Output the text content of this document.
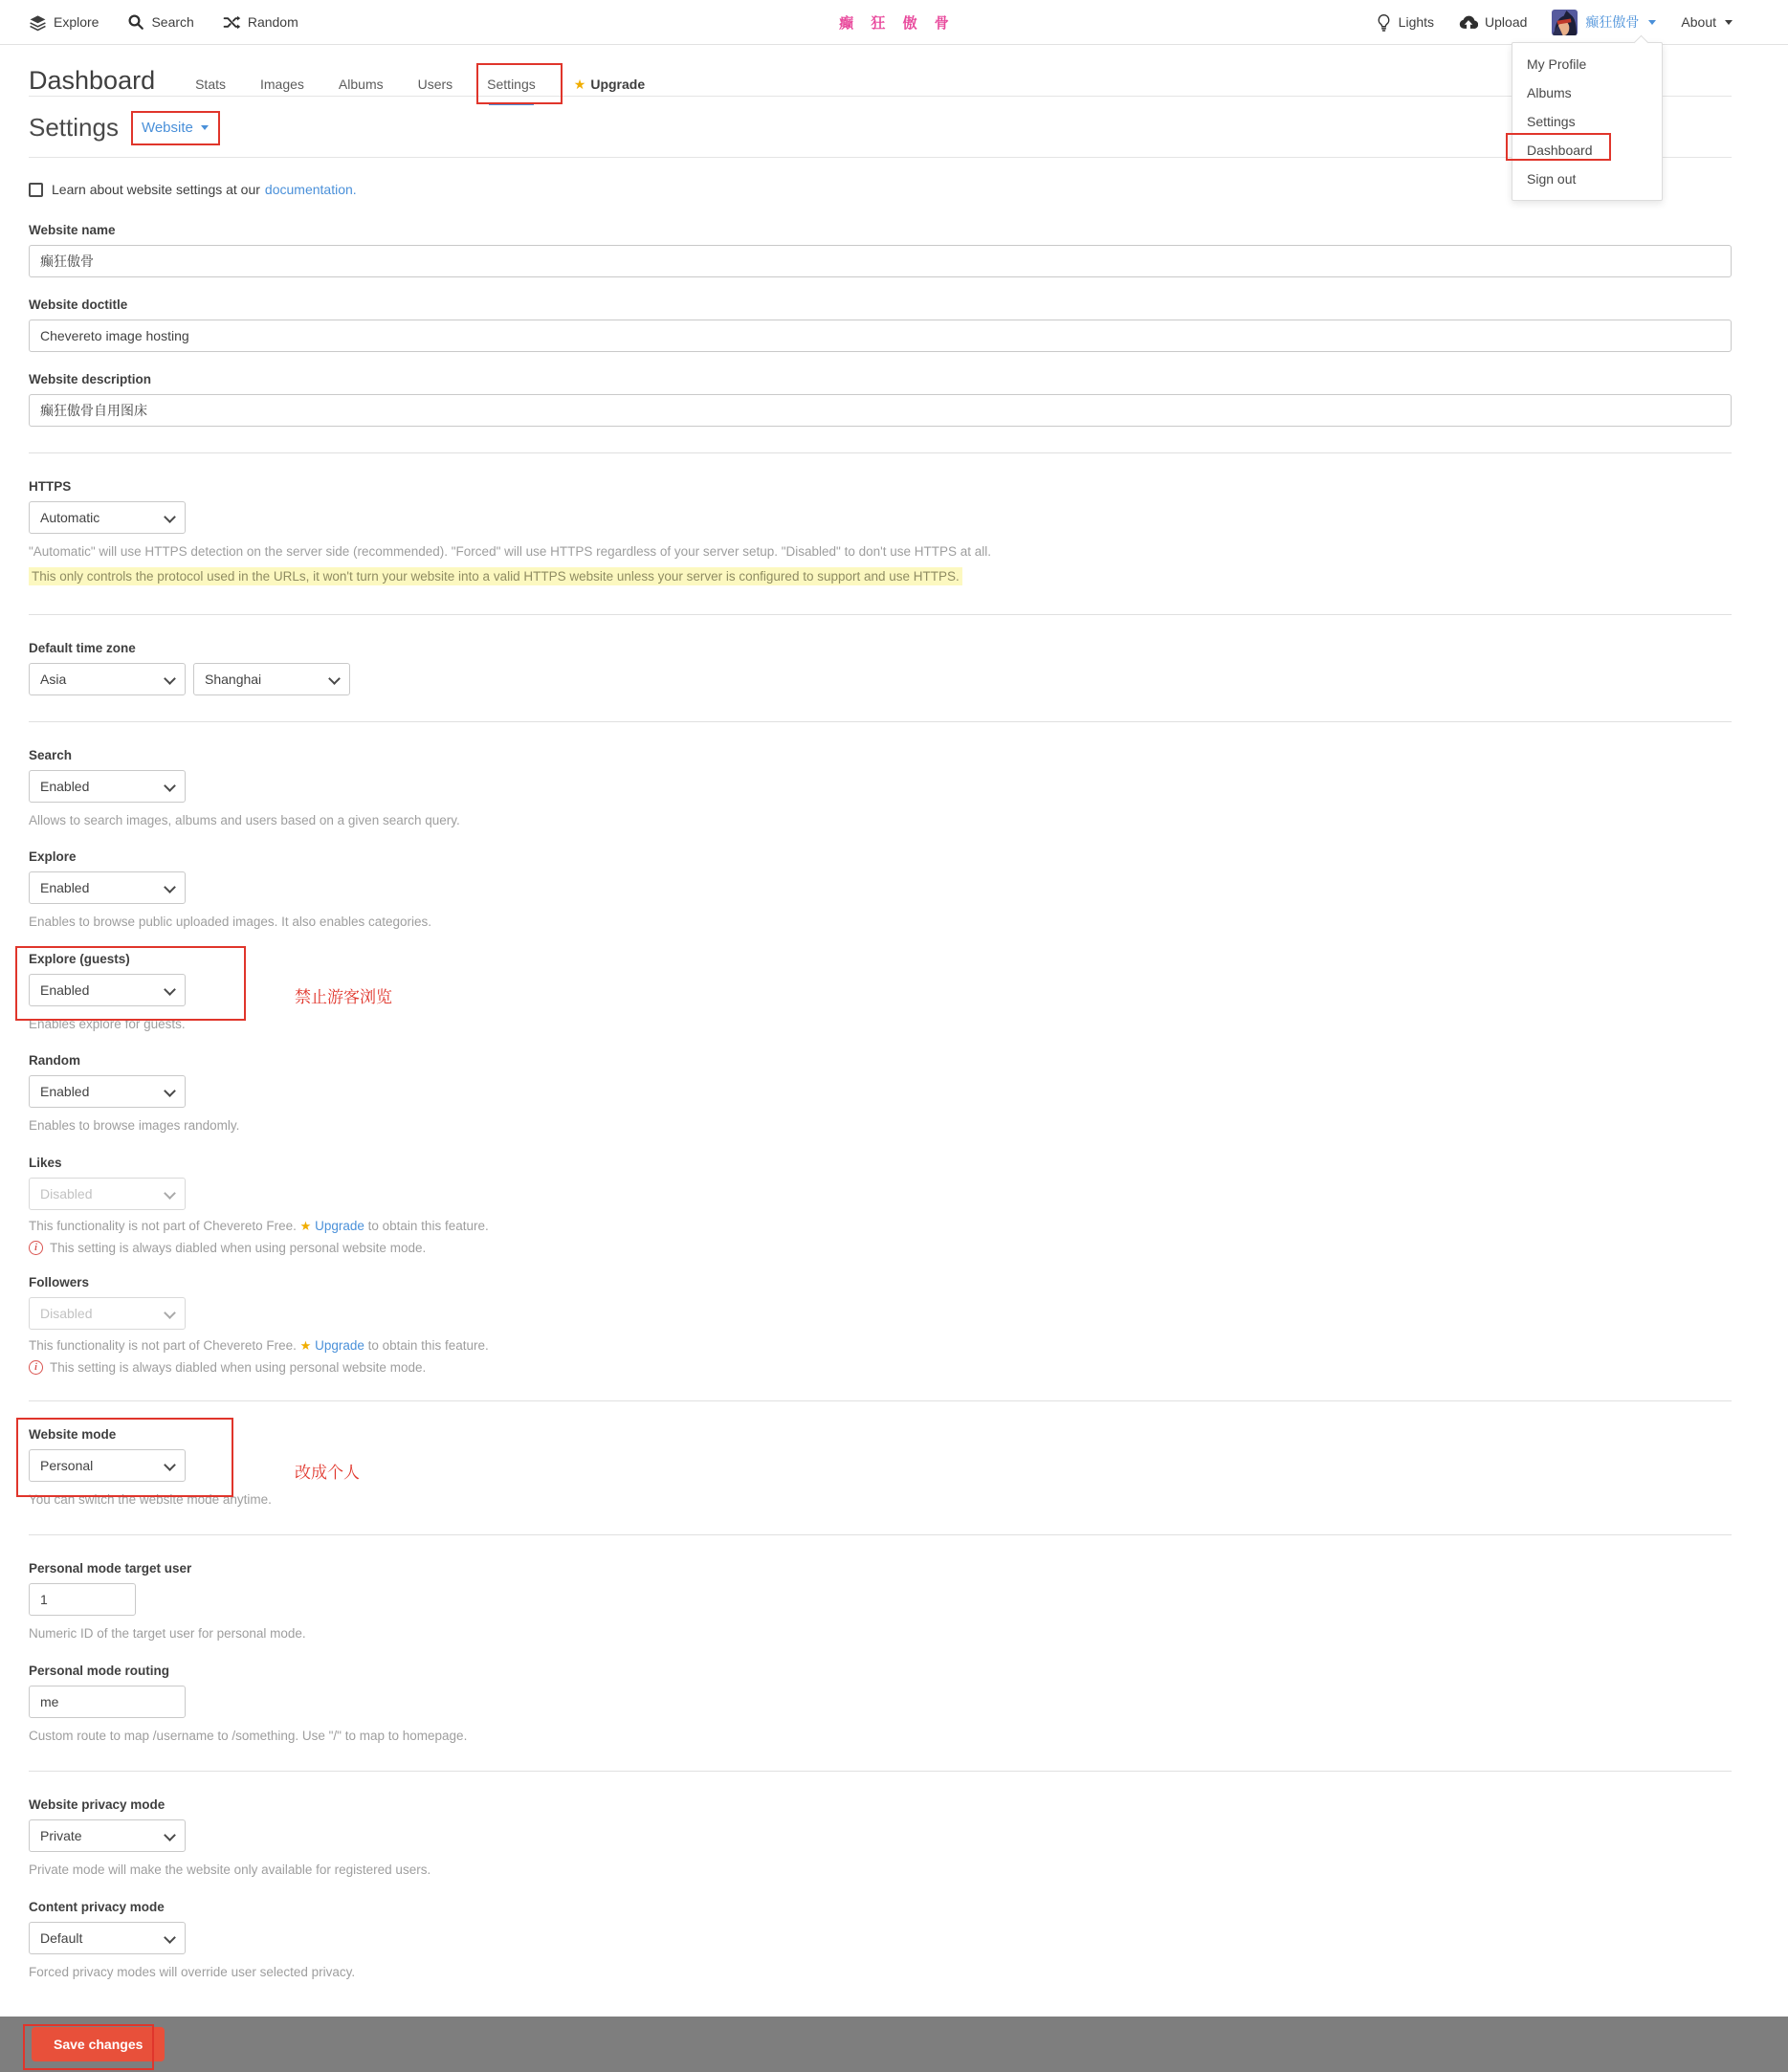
Explore	Search	Random	癫 狂 傲 骨	Lights	Upload	癫狂傲骨	About
My Profile
Albums
Settings
Dashboard
Sign out
Dashboard	Stats	Images	Albums	Users	Settings	★ Upgrade
Settings Website
Learn about website settings at our documentation.
Website name
癫狂傲骨
Website doctitle
Chevereto image hosting
Website description
癫狂傲骨自用图床
HTTPS
Automatic
"Automatic" will use HTTPS detection on the server side (recommended). "Forced" will use HTTPS regardless of your server setup. "Disabled" to don't use HTTPS at all.
This only controls the protocol used in the URLs, it won't turn your website into a valid HTTPS website unless your server is configured to support and use HTTPS.
Default time zone
Asia
Shanghai
Search
Enabled
Allows to search images, albums and users based on a given search query.
Explore
Enabled
Enables to browse public uploaded images. It also enables categories.
禁止游客浏览
Explore (guests)
Enabled
Enables explore for guests.
Random
Enabled
Enables to browse images randomly.
Likes
Disabled
This functionality is not part of Chevereto Free. ★ Upgrade to obtain this feature.
i This setting is always diabled when using personal website mode.
Followers
Disabled
This functionality is not part of Chevereto Free. ★ Upgrade to obtain this feature.
i This setting is always diabled when using personal website mode.
改成个人
Website mode
Personal
You can switch the website mode anytime.
Personal mode target user
1
Numeric ID of the target user for personal mode.
Personal mode routing
me
Custom route to map /username to /something. Use "/" to map to homepage.
Website privacy mode
Private
Private mode will make the website only available for registered users.
Content privacy mode
Default
Forced privacy modes will override user selected privacy.
Save changes
